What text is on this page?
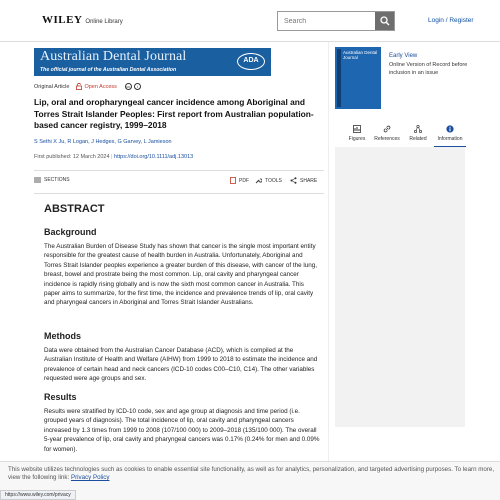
WILEY Online Library
Search	Login / Register
Australian Dental Journal
The official journal of the Australian Dental Association
ADA
Original Article	Open Access	cc	i
Lip, oral and oropharyngeal cancer incidence among Aboriginal and Torres Strait Islander Peoples: First report from Australian population-based cancer registry, 1999–2018
S Sethi X Ju, R Logan, J Hedges, G Garvey, L Jamieson
First published: 12 March 2024 | https://doi.org/10.1111/adj.13013
SECTIONS	PDF	TOOLS	SHARE
ABSTRACT
Background

The Australian Burden of Disease Study has shown that cancer is the single most important entity responsible for the greatest cause of health burden in Australia. Unfortunately, Aboriginal and Torres Strait Islander peoples experience a greater burden of this disease, with cancer of the lung, breast, bowel and prostrate being the most common. Lip, oral cavity and pharyngeal cancer incidence is rapidly rising globally and is now the sixth most common cancer in Australia. This paper aims to summarize, for the first time, the incidence and prevalence trends of lip, oral cavity and pharyngeal cancers in Aboriginal and Torres Strait Islander Australians.

Methods

Data were obtained from the Australian Cancer Database (ACD), which is compiled at the Australian Institute of Health and Welfare (AIHW) from 1999 to 2018 to estimate the incidence and prevalence of certain head and neck cancers (ICD-10 codes C00–C10, C14). The other variables requested were age groups and sex.

Results

Results were stratified by ICD-10 code, sex and age group at diagnosis and time period (i.e. grouped years of diagnosis). The total incidence of lip, oral cavity and pharyngeal cancers increased by 1.3 times from 1999 to 2008 (107/100 000) to 2009–2018 (135/100 000). The overall 5-year prevalence of lip, oral cavity and pharyngeal cancers was 0.17% (0.24% for men and 0.09% for women).

Australian Dental Journal	Early View
Online Version of Record before inclusion in an issue
Figures	References	Related	Information

This website utilizes technologies such as cookies to enable essential site functionality, as well as for analytics, personalization, and targeted advertising purposes. To learn more, view the following link: Privacy Policy

https://www.wiley.com/privacy
